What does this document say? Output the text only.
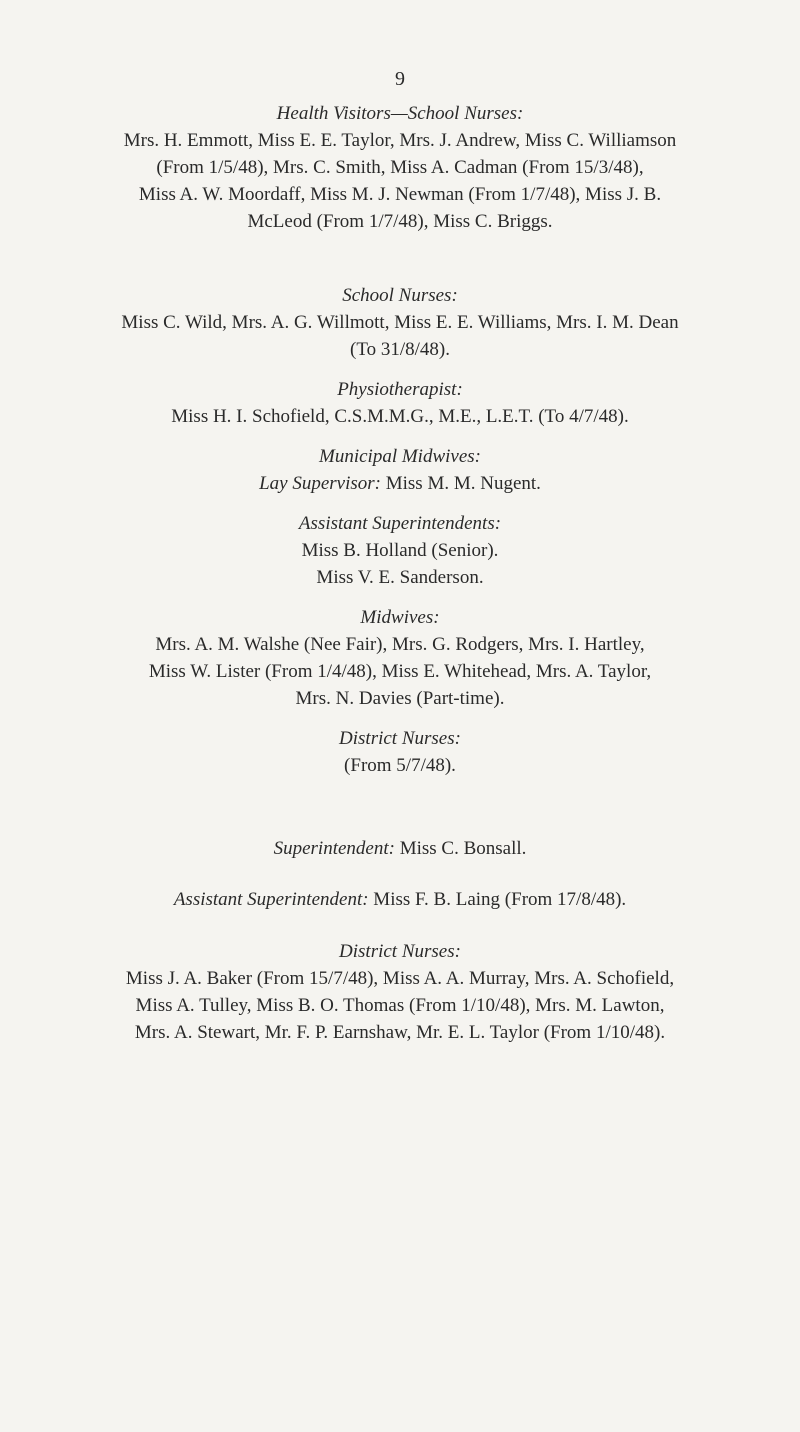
9
Health Visitors—School Nurses:
Mrs. H. Emmott, Miss E. E. Taylor, Mrs. J. Andrew, Miss C. Williamson
(From 1/5/48), Mrs. C. Smith, Miss A. Cadman (From 15/3/48),
Miss A. W. Moordaff, Miss M. J. Newman (From 1/7/48), Miss J. B.
McLeod (From 1/7/48), Miss C. Briggs.
School Nurses:
Miss C. Wild, Mrs. A. G. Willmott, Miss E. E. Williams, Mrs. I. M. Dean
(To 31/8/48).
Physiotherapist:
Miss H. I. Schofield, C.S.M.M.G., M.E., L.E.T. (To 4/7/48).
Municipal Midwives:
Lay Supervisor: Miss M. M. Nugent.
Assistant Superintendents:
Miss B. Holland (Senior).
Miss V. E. Sanderson.
Midwives:
Mrs. A. M. Walshe (Nee Fair), Mrs. G. Rodgers, Mrs. I. Hartley,
Miss W. Lister (From 1/4/48), Miss E. Whitehead, Mrs. A. Taylor,
Mrs. N. Davies (Part-time).
District Nurses:
(From 5/7/48).
Superintendent: Miss C. Bonsall.
Assistant Superintendent: Miss F. B. Laing (From 17/8/48).
District Nurses:
Miss J. A. Baker (From 15/7/48), Miss A. A. Murray, Mrs. A. Schofield,
Miss A. Tulley, Miss B. O. Thomas (From 1/10/48), Mrs. M. Lawton,
Mrs. A. Stewart, Mr. F. P. Earnshaw, Mr. E. L. Taylor (From 1/10/48).
